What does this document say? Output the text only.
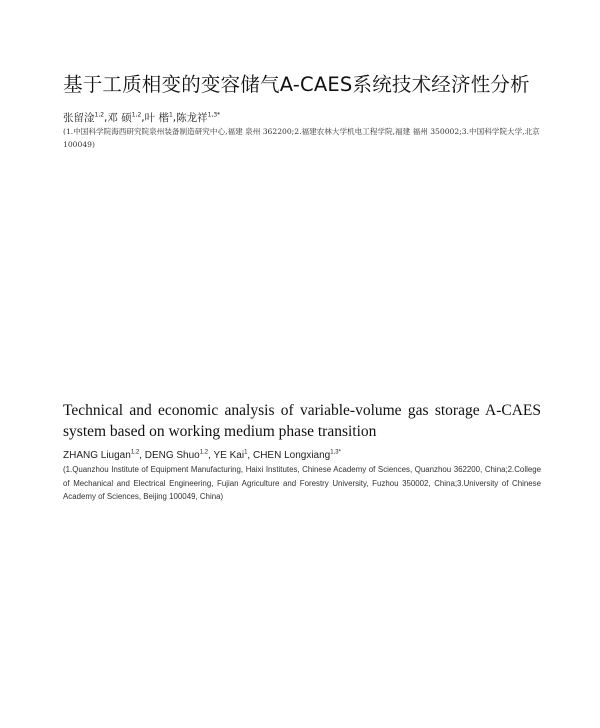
基于工质相变的变容储气A-CAES系统技术经济性分析
张留淦$^{1,2}$,邓 硕$^{1,2}$,叶 楷$^1$,陈龙祥$^{1,3*}$
(1.中国科学院海西研究院泉州装备制造研究中心,福建 泉州 362200;2.福建农林大学机电工程学院,福建 福州 350002;3.中国科学院大学,北京 100049)
Technical and economic analysis of variable-volume gas storage A-CAES system based on working medium phase transition
ZHANG Liugan$^{1,2}$, DENG Shuo$^{1,2}$, YE Kai$^1$, CHEN Longxiang$^{1,3*}$
(1.Quanzhou Institute of Equipment Manufacturing, Haixi Institutes, Chinese Academy of Sciences, Quanzhou 362200, China;2.College of Mechanical and Electrical Engineering, Fujian Agriculture and Forestry University, Fuzhou 350002, China;3.University of Chinese Academy of Sciences, Beijing 100049, China)
